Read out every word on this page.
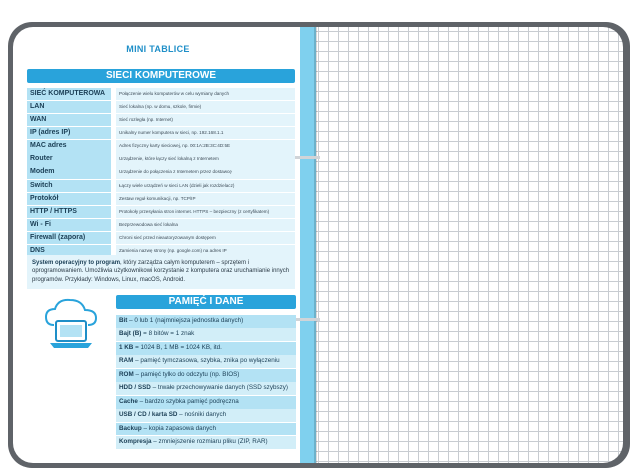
MINI TABLICE
SIECI KOMPUTEROWE
SIEĆ KOMPUTEROWA	Połączenie wielu komputerów w celu wymiany danych
LAN	Sieć lokalna (np. w domu, szkole, firmie)
WAN	Sieć rozległa (np. Internet)
IP (adres IP)	Unikalny numer komputera w sieci, np. 192.168.1.1
MAC adres	Adres fizyczny karty sieciowej, np. 00:1A:2B:3C:4D:5E
Router	Urządzenie, które łączy sieć lokalną z Internetem
Modem	Urządzenie do połączenia z Internetem przez dostawcę
Switch	Łączy wiele urządzeń w sieci LAN (dzieli jak rozdzielacz)
Protokół	Zestaw reguł komunikacji, np. TCP/IP
HTTP / HTTPS	Protokoły przesyłania stron internet. HTTPS – bezpieczny (z certyfikatem)
Wi - Fi	Bezprzewodowa sieć lokalna
Firewall (zapora)	Chroni sieć przed nieautoryzowanym dostępem
DNS	Zamienia nazwę strony (np. google.com) na adres IP
System operacyjny to program, który zarządza całym komputerem – sprzętem i oprogramowaniem. Umożliwia użytkownikowi korzystanie z komputera oraz uruchamianie innych programów. Przykłady: Windows, Linux, macOS, Android.
PAMIĘĆ I DANE
Bit – 0 lub 1 (najmniejsza jednostka danych)
Bajt (B) = 8 bitów = 1 znak
1 KB = 1024 B, 1 MB = 1024 KB, itd.
RAM – pamięć tymczasowa, szybka, znika po wyłączeniu
ROM – pamięć tylko do odczytu (np. BIOS)
HDD / SSD – trwałe przechowywanie danych (SSD szybszy)
Cache – bardzo szybka pamięć podręczna
USB / CD / karta SD – nośniki danych
Backup – kopia zapasowa danych
Kompresja – zmniejszenie rozmiaru pliku (ZIP, RAR)
